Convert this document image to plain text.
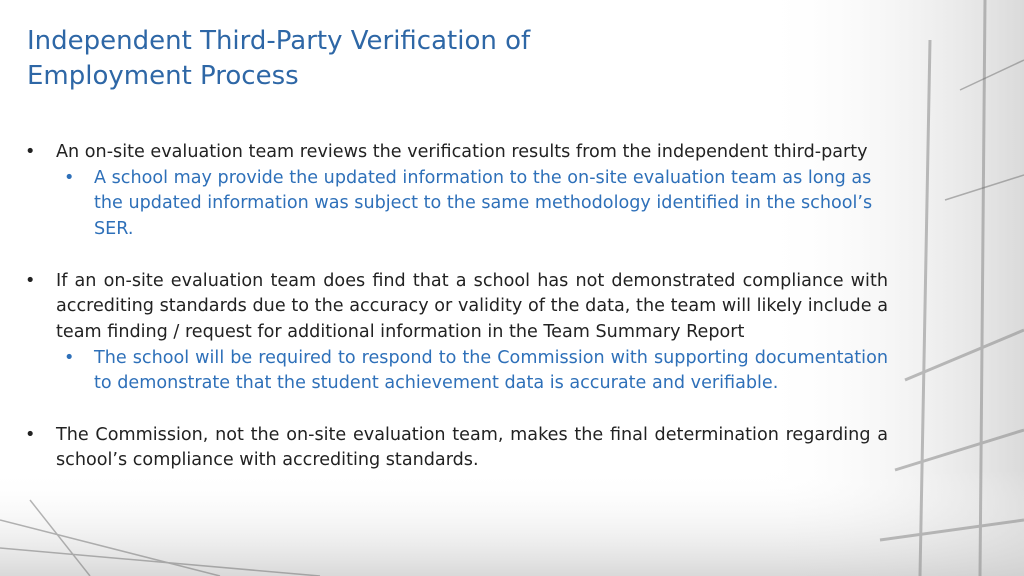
Independent Third-Party Verification of
Employment Process
• An on-site evaluation team reviews the verification results from the independent third-party
• A school may provide the updated information to the on-site evaluation team as long as the updated information was subject to the same methodology identified in the school’s SER.
• If an on-site evaluation team does find that a school has not demonstrated compliance with accrediting standards due to the accuracy or validity of the data, the team will likely include a team finding / request for additional information in the Team Summary Report
• The school will be required to respond to the Commission with supporting documentation to demonstrate that the student achievement data is accurate and verifiable.
• The Commission, not the on-site evaluation team, makes the final determination regarding a school’s compliance with accrediting standards.
